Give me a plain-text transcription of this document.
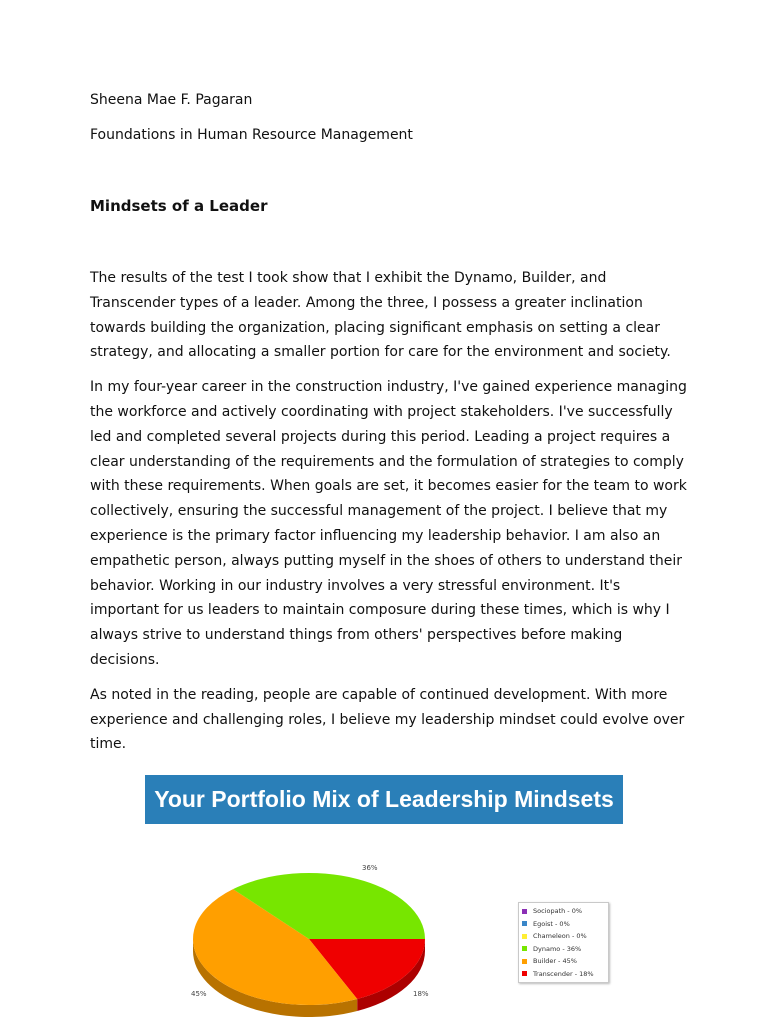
Sheena Mae F. Pagaran

Foundations in Human Resource Management

Mindsets of a Leader

The results of the test I took show that I exhibit the Dynamo, Builder, and Transcender types of a leader. Among the three, I possess a greater inclination towards building the organization, placing significant emphasis on setting a clear strategy, and allocating a smaller portion for care for the environment and society.

In my four-year career in the construction industry, I've gained experience managing the workforce and actively coordinating with project stakeholders. I've successfully led and completed several projects during this period. Leading a project requires a clear understanding of the requirements and the formulation of strategies to comply with these requirements. When goals are set, it becomes easier for the team to work collectively, ensuring the successful management of the project. I believe that my experience is the primary factor influencing my leadership behavior. I am also an empathetic person, always putting myself in the shoes of others to understand their behavior. Working in our industry involves a very stressful environment. It's important for us leaders to maintain composure during these times, which is why I always strive to understand things from others' perspectives before making decisions.

As noted in the reading, people are capable of continued development. With more experience and challenging roles, I believe my leadership mindset could evolve over time.

Your Portfolio Mix of Leadership Mindsets
18%
45%
36%
Sociopath - 0%
Egoist - 0%
Chameleon - 0%
Dynamo - 36%
Builder - 45%
Transcender - 18%
